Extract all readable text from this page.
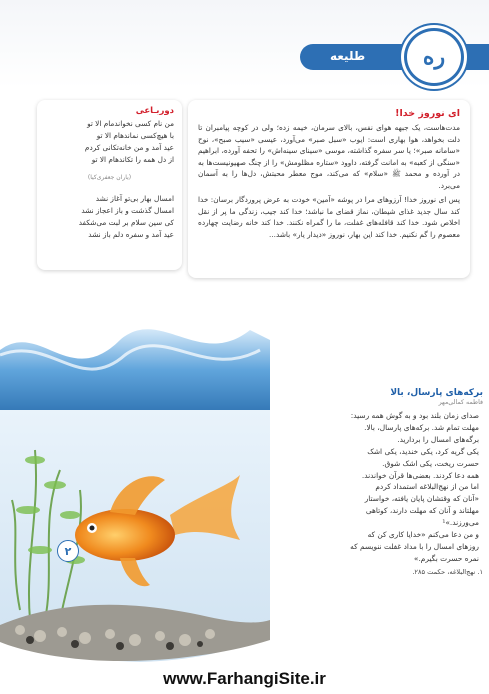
طلیعه	ره
ای نوروز خدا!

مدت‌هاست، یک جبهه هوای نفس، بالای سرمان، خیمه زده؛ ولی در کوچه پیامبران تا دلت بخواهد، هوا بهاری است: ایوب «سبل صبر» می‌آورد، عیسی «سیب صبح»، نوح «سامانه صبر»؛ یا سر سفره گذاشته، موسی «سینای سینه‌اش» را تحفه آورده، ابراهیم «سنگی از کعبه» به امانت گرفته، داوود «ستاره مظلومش» را از چنگ صهیونیست‌ها به در آورده و محمد ﷺ «سلام» که می‌کند، موج معطر محبتش، دل‌ها را به آسمان می‌برد.

پس ای نوروز خدا! آرزوهای مرا در پوشه «آمین» خودت به عرض پروردگار برسان: خدا کند سال جدید غذای شیطان، نماز قضای ما نباشد؛ خدا کند جیب، زندگی ما پر از نقل اخلاص شود. خدا کند قافله‌های غفلت، ما را گمراه نکنند. خدا کند خانه رضایت چهارده معصوم را گم نکنیم. خدا کند این بهار، نوروز «دیدار یار» باشد...

دوربـاعی
من نام کسی نخواندمام الا تو
با هیچ‌کسی نماندهام الا تو
عید آمد و من خانه‌تکانی کردم
از دل همه را تکاندهام الا تو
(یاران جعفری‌کیا)
امسال بهار بی‌تو آغاز نشد
امسال گذشت و باز اعجاز نشد
کی سین سلام بر لبت می‌شکفد
عید آمد و سفره دلم باز نشد
۲
برکه‌های پارسال، بالا
فاطمه کمالی‌مهر
صدای زمان بلند بود و به گوش همه رسید:
مهلت تمام شد. برکه‌های پارسال، بالا.
برگه‌های امسال را بردارید.
یکی گریه کرد، یکی خندید، یکی اشک
حسرت ریخت، یکی اشک شوق.
همه دعا کردند. بعضی‌ها قرآن خواندند.
اما من از نهج‌البلاغه استمداد کردم
«آنان که وقتشان پایان یافته، خواستار
مهلتاند و آنان که مهلت دارند، کوتاهی
می‌ورزند.»¹
و من دعا می‌کنم «خدایا کاری کن که
روزهای امسال را با مداد غفلت ننویسم که
نمره حسرت بگیرم.»
۱. نهج‌البلاغه، حکمت ۲۸۵.
www.FarhangiSite.ir
